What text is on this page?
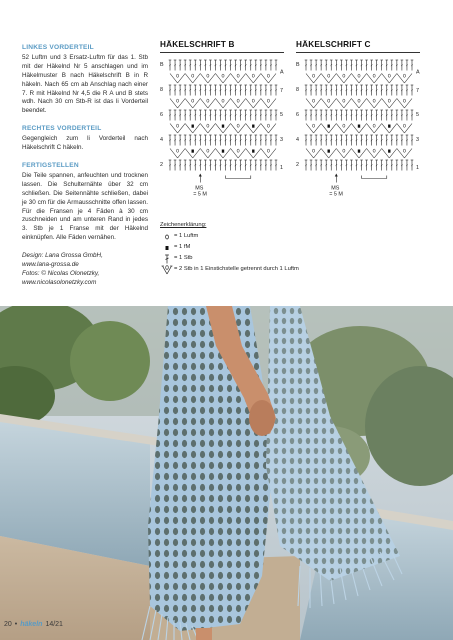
LINKES VORDERTEIL

52 Luftm und 3 Ersatz-Luftm für das 1. Stb mit der Häkelnd Nr 5 anschlagen und im Häkelmuster B nach Häkelschrift B in R häkeln. Nach 65 cm ab Anschlag nach einer 7. R mit Häkelnd Nr 4,5 die R A und B stets wdh. Nach 30 cm Stb-R ist das li Vorderteil beendet.

RECHTES VORDERTEIL

Gegengleich zum li Vorderteil nach Häkelschrift C häkeln.

FERTIGSTELLEN

Die Teile spannen, anfeuchten und trocknen lassen. Die Schulternähte über 32 cm schließen. Die Seitennähte schließen, dabei je 30 cm für die Armausschnitte offen lassen. Für die Fransen je 4 Fäden à 30 cm zuschneiden und am unteren Rand in jedes 3. Stb je 1 Franse mit der Häkelnd einknüpfen. Alle Fäden vernähen.

Design: Lana Grossa GmbH,
www.lana-grossa.de
Fotos: © Nicolas Olonetzky,
www.nicolasolonetzky.com
HÄKELSCHRIFT B
B
8
6
4
2
A
7
5
3
1
MS
= 5 M
HÄKELSCHRIFT C
B
8
6
4
2
A
7
5
3
1
MS
= 5 M
Zeichenerklärung:
= 1 Luftm
= 1 fM
= 1 Stb
= 2 Stb in 1 Einstichstelle getrennt durch 1 Luftm
20 • häkeln 14/21
